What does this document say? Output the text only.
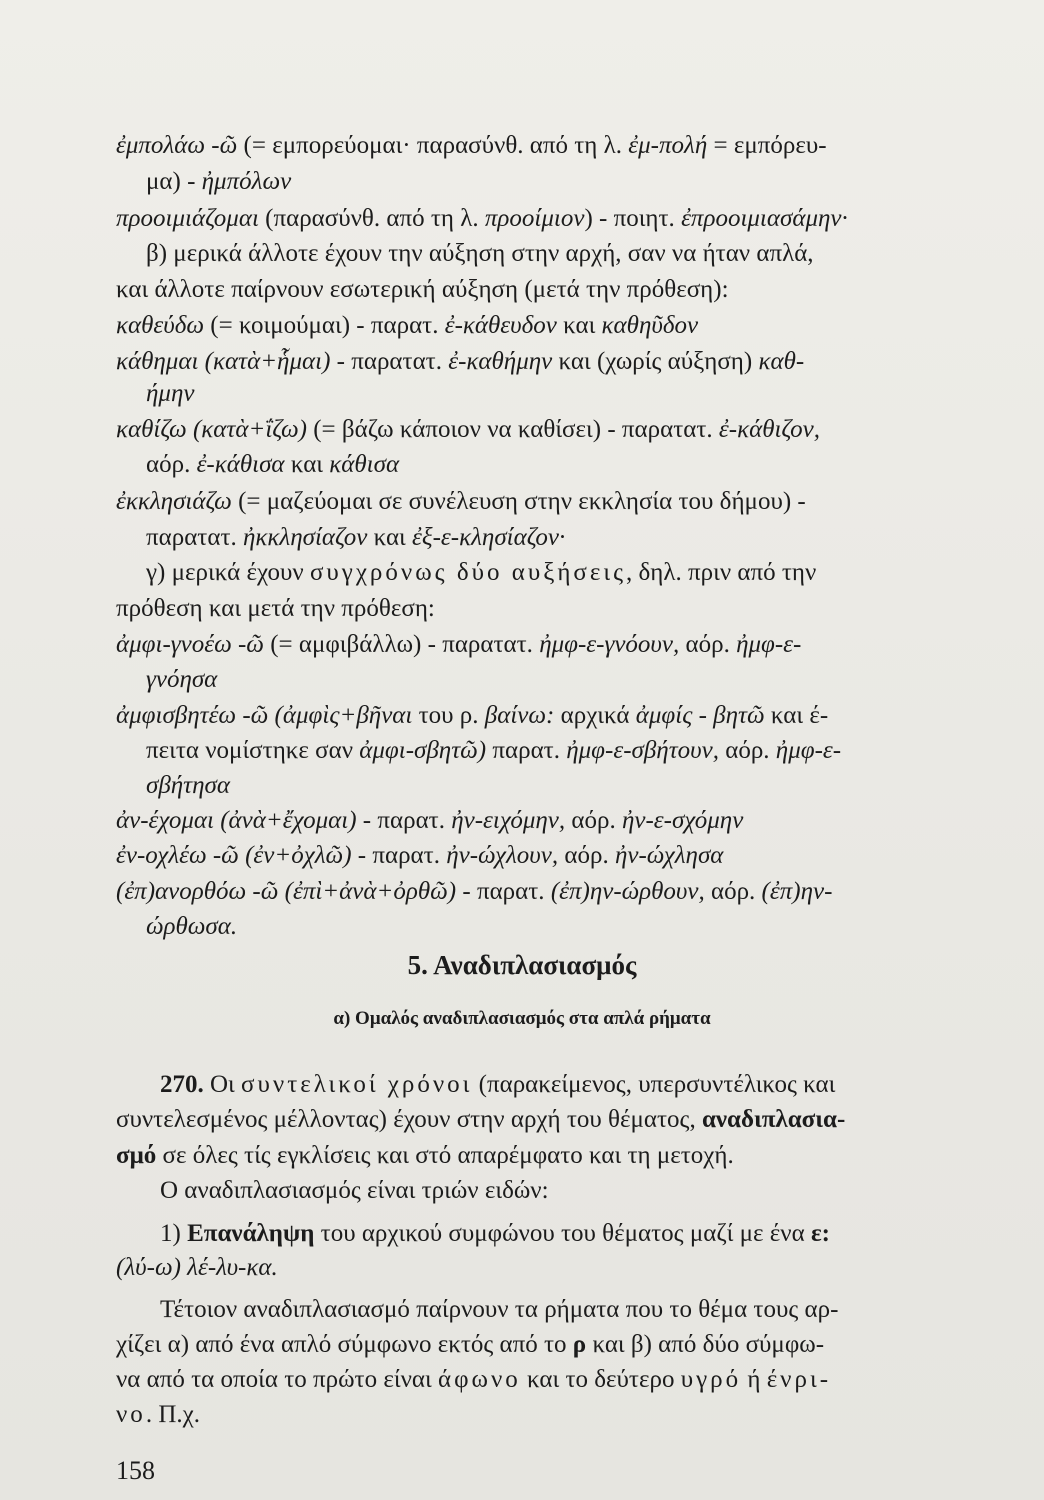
ἐμπολάω -ῶ (= εμπορεύομαι· παρασύνθ. από τη λ. ἐμ-πολή = εμπόρευ-
μα) - ἠμπόλων
προοιμιάζομαι (παρασύνθ. από τη λ. προοίμιον) - ποιητ. ἐπροοιμιασάμην·
β) μερικά άλλοτε έχουν την αύξηση στην αρχή, σαν να ήταν απλά,
και άλλοτε παίρνουν εσωτερική αύξηση (μετά την πρόθεση):
καθεύδω (= κοιμούμαι) - παρατ. ἐ-κάθευδον και καθηῦδον
κάθημαι (κατὰ+ἧμαι) - παρατατ. ἐ-καθήμην και (χωρίς αύξηση) καθ-
ήμην
καθίζω (κατὰ+ΐζω) (= βάζω κάποιον να καθίσει) - παρατατ. ἐ-κάθιζον,
αόρ. ἐ-κάθισα και κάθισα
ἐκκλησιάζω (= μαζεύομαι σε συνέλευση στην εκκλησία του δήμου) -
παρατατ. ἠκκλησίαζον και ἐξ-ε-κλησίαζον·
γ) μερικά έχουν συγχρόνως δύο αυξήσεις, δηλ. πριν από την
πρόθεση και μετά την πρόθεση:
ἀμφι-γνοέω -ῶ (= αμφιβάλλω) - παρατατ. ἠμφ-ε-γνόουν, αόρ. ἠμφ-ε-
γνόησα
ἀμφισβητέω -ῶ (ἀμφὶς+βῆναι του ρ. βαίνω: αρχικά ἀμφίς - βητῶ και έ-
πειτα νομίστηκε σαν ἀμφι-σβητῶ) παρατ. ἠμφ-ε-σβήτουν, αόρ. ἠμφ-ε-
σβήτησα
ἀν-έχομαι (ἀνὰ+ἔχομαι) - παρατ. ἠν-ειχόμην, αόρ. ἠν-ε-σχόμην
ἐν-οχλέω -ῶ (ἐν+ὀχλῶ) - παρατ. ἠν-ώχλουν, αόρ. ἠν-ώχλησα
(ἐπ)ανορθόω -ῶ (ἐπὶ+ἀνὰ+ὀρθῶ) - παρατ. (ἐπ)ην-ώρθουν, αόρ. (ἐπ)ην-
ώρθωσα.
5. Αναδιπλασιασμός
α) Ομαλός αναδιπλασιασμός στα απλά ρήματα
270. Οι συντελικοί χρόνοι (παρακείμενος, υπερσυντέλικος και
συντελεσμένος μέλλοντας) έχουν στην αρχή του θέματος, αναδιπλασια-
σμό σε όλες τίς εγκλίσεις και στό απαρέμφατο και τη μετοχή.
Ο αναδιπλασιασμός είναι τριών ειδών:
1) Επανάληψη του αρχικού συμφώνου του θέματος μαζί με ένα ε:
(λύ-ω) λέ-λυ-κα.
Τέτοιον αναδιπλασιασμό παίρνουν τα ρήματα που το θέμα τους αρ-
χίζει α) από ένα απλό σύμφωνο εκτός από το ρ και β) από δύο σύμφω-
να από τα οποία το πρώτο είναι άφωνο και το δεύτερο υγρό ή ένρι-
νο. Π.χ.
158
